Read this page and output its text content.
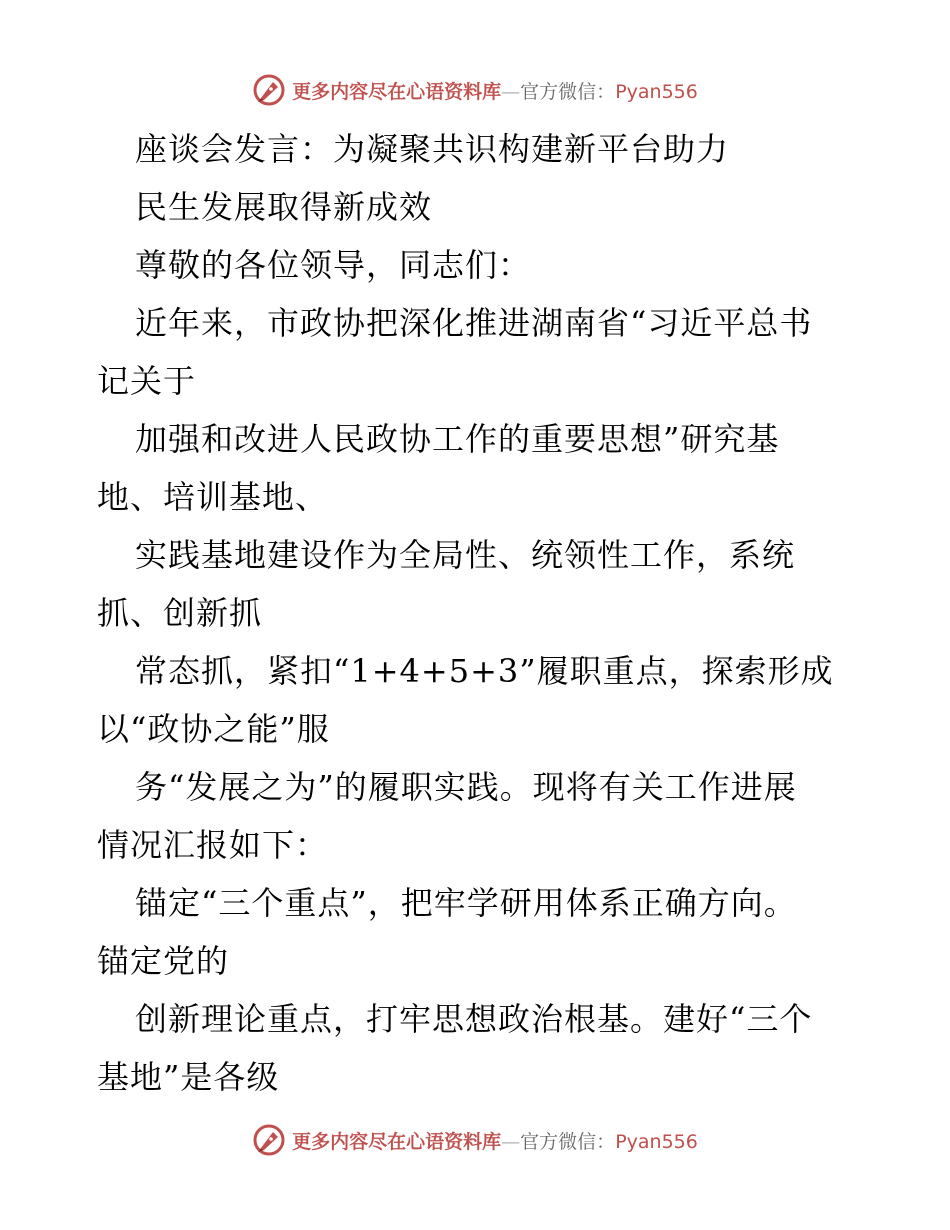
更多内容尽在心语资料库—官方微信：Pyan556
座谈会发言：为凝聚共识构建新平台助力
民生发展取得新成效
尊敬的各位领导，同志们：
近年来，市政协把深化推进湖南省“习近平总书
记关于
加强和改进人民政协工作的重要思想”研究基
地、培训基地、
实践基地建设作为全局性、统领性工作，系统
抓、创新抓
常态抓，紧扣“1+4+5+3”履职重点，探索形成
以“政协之能”服
务“发展之为”的履职实践。现将有关工作进展
情况汇报如下：
锚定“三个重点”，把牢学研用体系正确方向。
锚定党的
创新理论重点，打牢思想政治根基。建好“三个
基地”是各级
更多内容尽在心语资料库—官方微信：Pyan556
